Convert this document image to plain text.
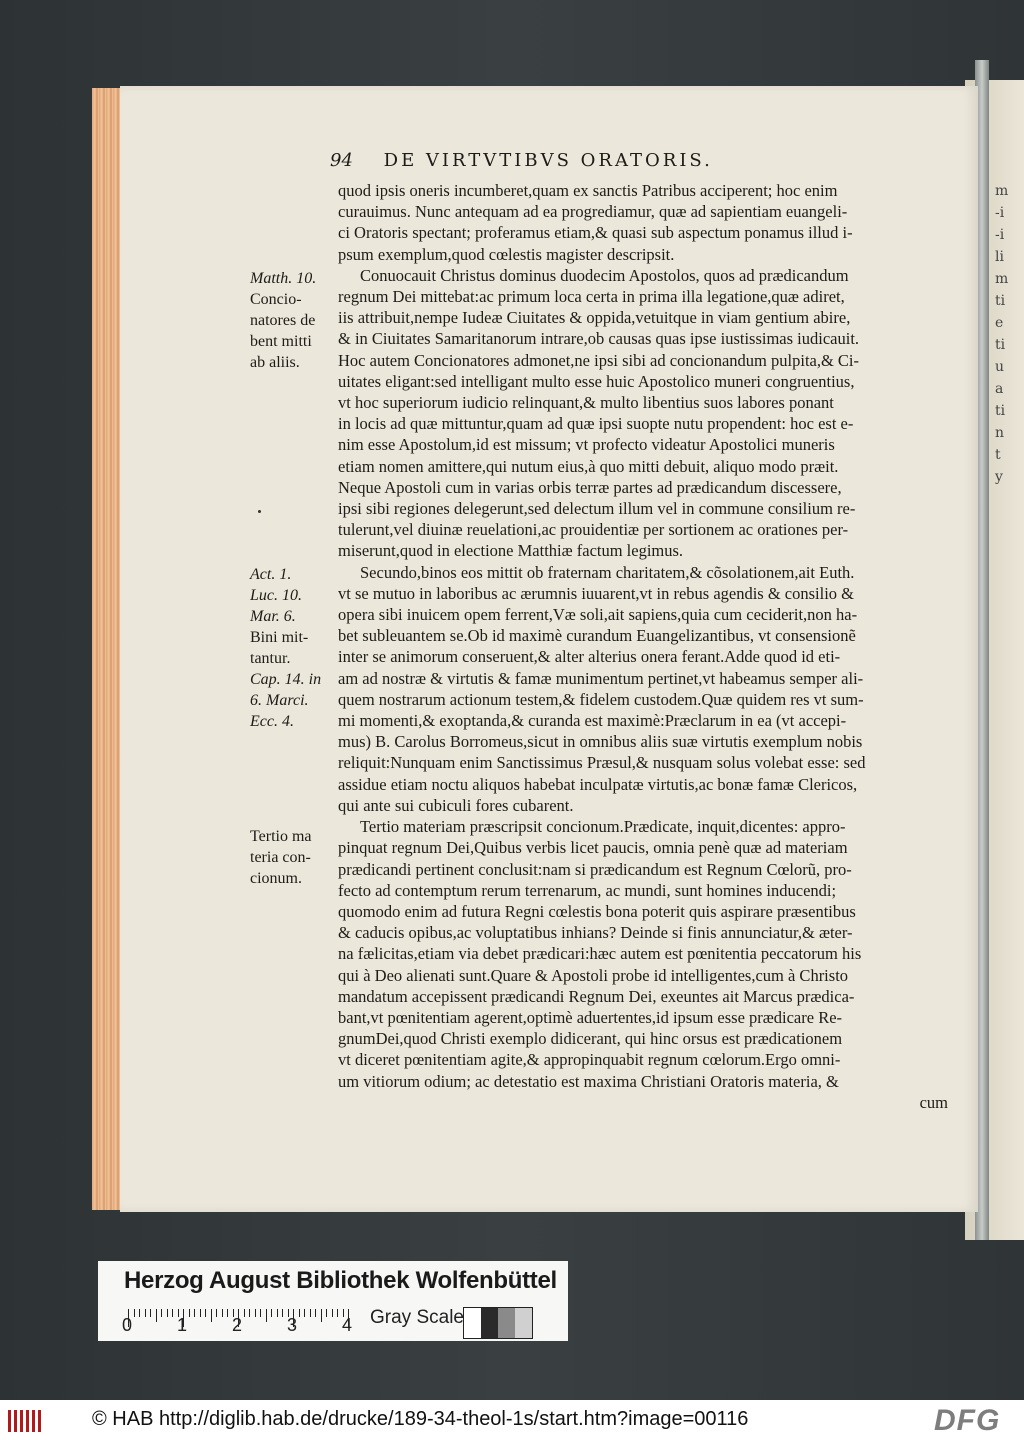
m
-i
-i
li
m
ti
e
ti
u
a
ti
n
t
y
94 DE VIRTVTIBVS ORATORIS.
quod ipsis oneris incumberet,quam ex sanctis Patribus acciperent; hoc enim
curauimus. Nunc antequam ad ea progrediamur, quæ ad sapientiam euangeli-
ci Oratoris spectant; proferamus etiam,& quasi sub aspectum ponamus illud i-
psum exemplum,quod cœlestis magister descripsit.
Conuocauit Christus dominus duodecim Apostolos, quos ad prædicandum
regnum Dei mittebat:ac primum loca certa in prima illa legatione,quæ adiret,
iis attribuit,nempe Iudeæ Ciuitates & oppida,vetuitque in viam gentium abire,
& in Ciuitates Samaritanorum intrare,ob causas quas ipse iustissimas iudicauit.
Hoc autem Concionatores admonet,ne ipsi sibi ad concionandum pulpita,& Ci-
uitates eligant:sed intelligant multo esse huic Apostolico muneri congruentius,
vt hoc superiorum iudicio relinquant,& multo libentius suos labores ponant
in locis ad quæ mittuntur,quam ad quæ ipsi suopte nutu propendent: hoc est e-
nim esse Apostolum,id est missum; vt profecto videatur Apostolici muneris
etiam nomen amittere,qui nutum eius,à quo mitti debuit, aliquo modo præit.
Neque Apostoli cum in varias orbis terræ partes ad prædicandum discessere,
ipsi sibi regiones delegerunt,sed delectum illum vel in commune consilium re-
tulerunt,vel diuinæ reuelationi,ac prouidentiæ per sortionem ac orationes per-
miserunt,quod in electione Matthiæ factum legimus.
Secundo,binos eos mittit ob fraternam charitatem,& cõsolationem,ait Euth.
vt se mutuo in laboribus ac ærumnis iuuarent,vt in rebus agendis & consilio &
opera sibi inuicem opem ferrent,Væ soli,ait sapiens,quia cum ceciderit,non ha-
bet subleuantem se.Ob id maximè curandum Euangelizantibus, vt consensionẽ
inter se animorum conseruent,& alter alterius onera ferant.Adde quod id eti-
am ad nostræ & virtutis & famæ munimentum pertinet,vt habeamus semper ali-
quem nostrarum actionum testem,& fidelem custodem.Quæ quidem res vt sum-
mi momenti,& exoptanda,& curanda est maximè:Præclarum in ea (vt accepi-
mus) B. Carolus Borromeus,sicut in omnibus aliis suæ virtutis exemplum nobis
reliquit:Nunquam enim Sanctissimus Præsul,& nusquam solus volebat esse: sed
assidue etiam noctu aliquos habebat inculpatæ virtutis,ac bonæ famæ Clericos,
qui ante sui cubiculi fores cubarent.
Tertio materiam præscripsit concionum.Prædicate, inquit,dicentes: appro-
pinquat regnum Dei,Quibus verbis licet paucis, omnia penè quæ ad materiam
prædicandi pertinent conclusit:nam si prædicandum est Regnum Cœlorũ, pro-
fecto ad contemptum rerum terrenarum, ac mundi, sunt homines inducendi;
quomodo enim ad futura Regni cœlestis bona poterit quis aspirare præsentibus
& caducis opibus,ac voluptatibus inhians? Deinde si finis annunciatur,& æter-
na fælicitas,etiam via debet prædicari:hæc autem est pœnitentia peccatorum his
qui à Deo alienati sunt.Quare & Apostoli probe id intelligentes,cum à Christo
mandatum accepissent prædicandi Regnum Dei, exeuntes ait Marcus prædica-
bant,vt pœnitentiam agerent,optimè aduertentes,id ipsum esse prædicare Re-
gnumDei,quod Christi exemplo didicerant, qui hinc orsus est prædicationem
vt diceret pœnitentiam agite,& appropinquabit regnum cœlorum.Ergo omni-
um vitiorum odium; ac detestatio est maxima Christiani Oratoris materia, &
cum
Matth. 10.
Concio-
natores de
bent mitti
ab aliis.
Act. 1.
Luc. 10.
Mar. 6.
Bini mit-
tantur.
Cap. 14. in
6. Marci.
Ecc. 4.
Tertio ma
teria con-
cionum.
Herzog August Bibliothek Wolfenbüttel
0 1 2 3 4 Gray Scale
© HAB http://diglib.hab.de/drucke/189-34-theol-1s/start.htm?image=00116	DFG
